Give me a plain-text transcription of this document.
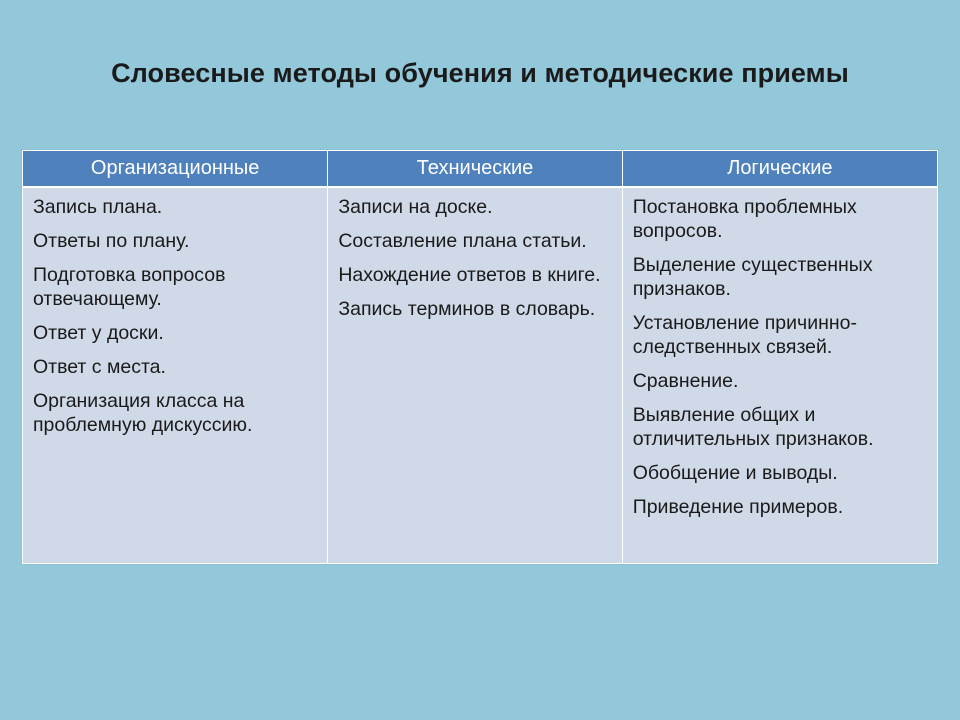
Словесные методы обучения и методические приемы
Организационные	Технические	Логические
Запись плана.
Ответы по плану.
Подготовка вопросов отвечающему.
Ответ у доски.
Ответ с места.
Организация класса на проблемную дискуссию.
Записи на доске.
Составление плана статьи.
Нахождение ответов в книге.
Запись терминов в словарь.
Постановка проблемных вопросов.
Выделение существенных признаков.
Установление причинно-следственных связей.
Сравнение.
Выявление общих и отличительных признаков.
Обобщение и выводы.
Приведение примеров.
